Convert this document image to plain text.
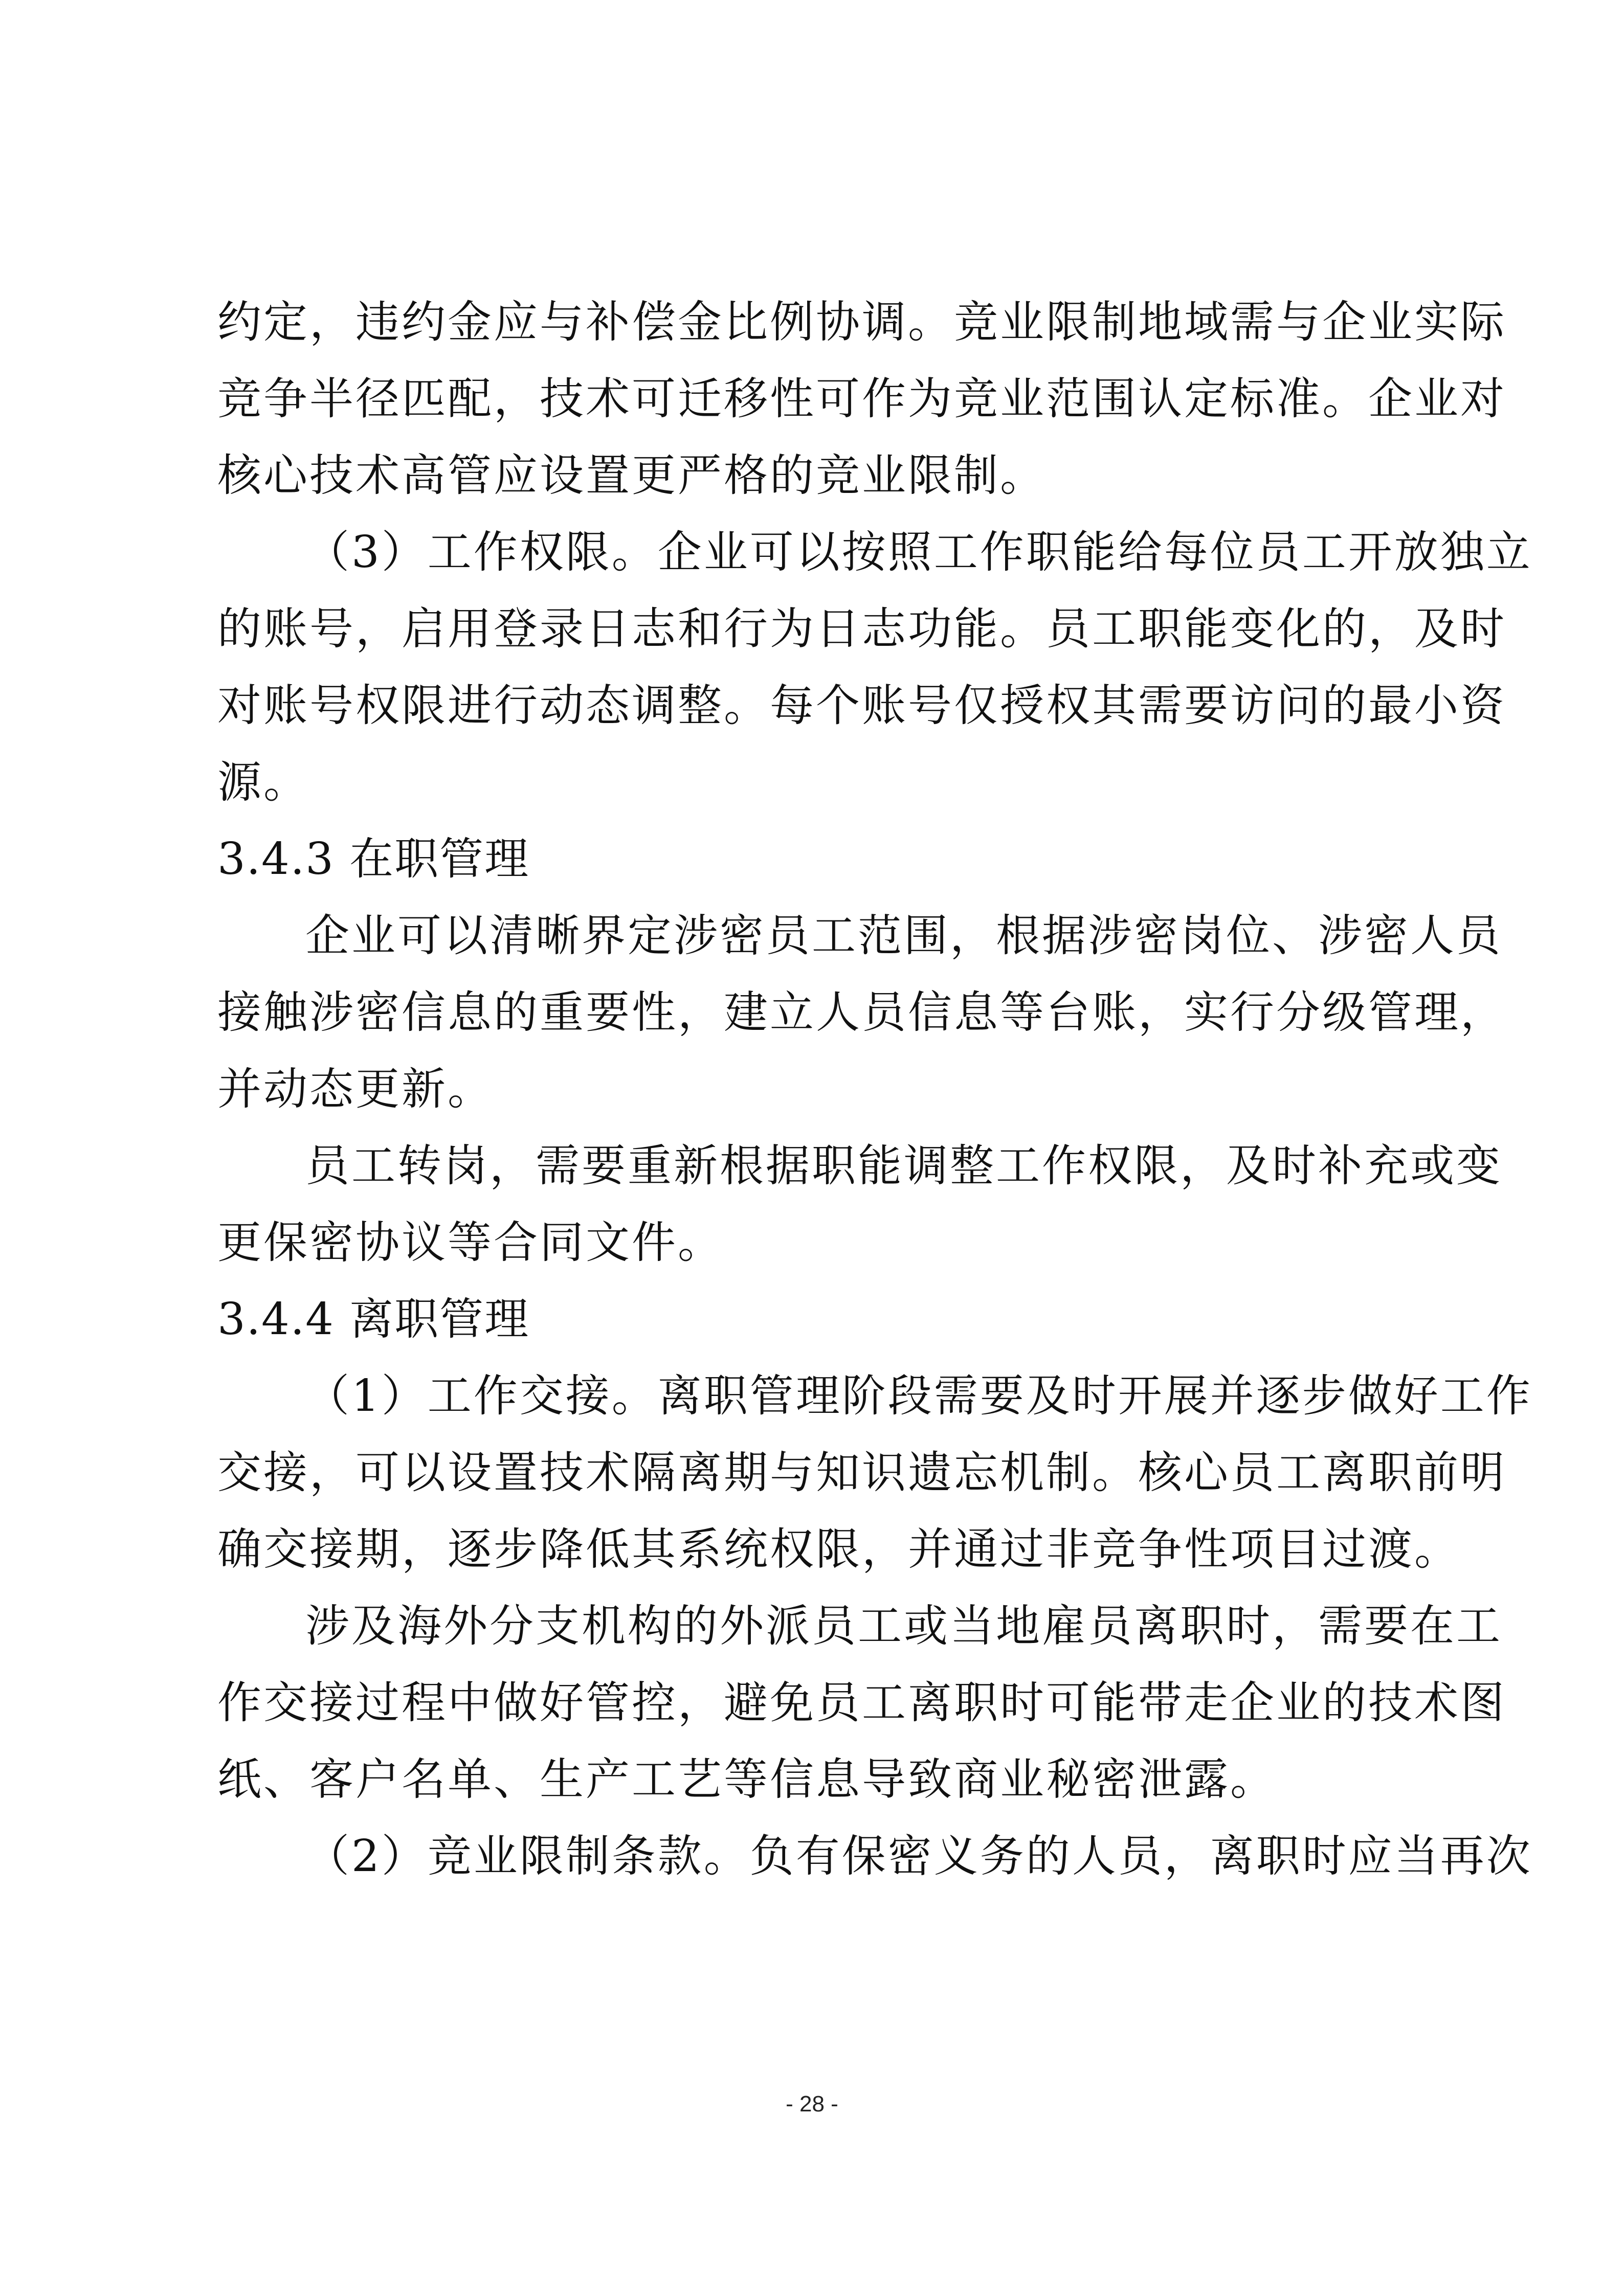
约定，违约金应与补偿金比例协调。竞业限制地域需与企业实际
竞争半径匹配，技术可迁移性可作为竞业范围认定标准。企业对
核心技术高管应设置更严格的竞业限制。
（3）工作权限。企业可以按照工作职能给每位员工开放独立
的账号，启用登录日志和行为日志功能。员工职能变化的，及时
对账号权限进行动态调整。每个账号仅授权其需要访问的最小资
源。
3.4.3 在职管理
企业可以清晰界定涉密员工范围，根据涉密岗位、涉密人员
接触涉密信息的重要性，建立人员信息等台账，实行分级管理，
并动态更新。
员工转岗，需要重新根据职能调整工作权限，及时补充或变
更保密协议等合同文件。
3.4.4 离职管理
（1）工作交接。离职管理阶段需要及时开展并逐步做好工作
交接，可以设置技术隔离期与知识遗忘机制。核心员工离职前明
确交接期，逐步降低其系统权限，并通过非竞争性项目过渡。
涉及海外分支机构的外派员工或当地雇员离职时，需要在工
作交接过程中做好管控，避免员工离职时可能带走企业的技术图
纸、客户名单、生产工艺等信息导致商业秘密泄露。
（2）竞业限制条款。负有保密义务的人员，离职时应当再次
- 28 -
